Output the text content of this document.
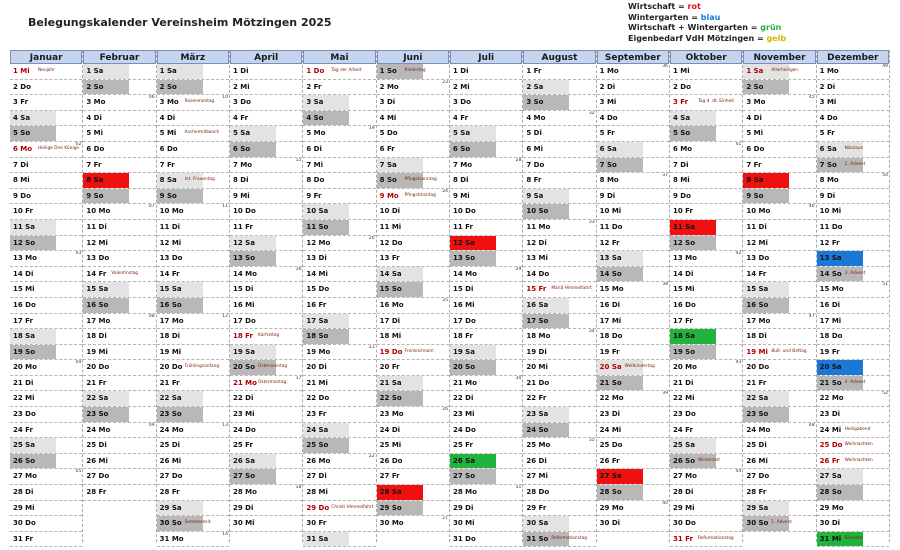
Belegungskalender Vereinsheim Mötzingen 2025
Wirtschaft = rot
Wintergarten = blau
Wirtschaft + Wintergarten = grün
Eigenbedarf VdH Mötzingen = gelb
Januar
1 Mi Neujahr
2 Do
3 Fr
4 Sa
5 So
6 Mo Heilige Drei Könige
02
7 Di
8 Mi
9 Do
10 Fr
11 Sa
12 So
13 Mo
03
14 Di
15 Mi
16 Do
17 Fr
18 Sa
19 So
20 Mo
04
21 Di
22 Mi
23 Do
24 Fr
25 Sa
26 So
27 Mo
05
28 Di
29 Mi
30 Do
31 Fr
Februar
1 Sa
2 So
3 Mo
06
4 Di
5 Mi
6 Do
7 Fr
8 Sa
9 So
10 Mo
07
11 Di
12 Mi
13 Do
14 Fr Valentinstag
15 Sa
16 So
17 Mo
08
18 Di
19 Mi
20 Do
21 Fr
22 Sa
23 So
24 Mo
09
25 Di
26 Mi
27 Do
28 Fr
März
1 Sa
2 So
3 Mo Rosenmontag
10
4 Di
5 Mi Aschermittwoch
6 Do
7 Fr
8 Sa Int. Frauentag
9 So
10 Mo
11
11 Di
12 Mi
13 Do
14 Fr
15 Sa
16 So
17 Mo
12
18 Di
19 Mi
20 Do Frühlingsanfang
21 Fr
22 Sa
23 So
24 Mo
13
25 Di
26 Mi
27 Do
28 Fr
29 Sa
30 So Sommerzeit
31 Mo
14
April
1 Di
2 Mi
3 Do
4 Fr
5 Sa
6 So
7 Mo
15
8 Di
9 Mi
10 Do
11 Fr
12 Sa
13 So
14 Mo
16
15 Di
16 Mi
17 Do
18 Fr Karfreitag
19 Sa
20 So Ostersonntag
21 Mo Ostermontag
17
22 Di
23 Mi
24 Do
25 Fr
26 Sa
27 So
28 Mo
18
29 Di
30 Mi
Mai
1 Do Tag der Arbeit
2 Fr
3 Sa
4 So
5 Mo
19
6 Di
7 Mi
8 Do
9 Fr
10 Sa
11 So
12 Mo
20
13 Di
14 Mi
15 Do
16 Fr
17 Sa
18 So
19 Mo
21
20 Di
21 Mi
22 Do
23 Fr
24 Sa
25 So
26 Mo
22
27 Di
28 Mi
29 Do Christi Himmelfahrt
30 Fr
31 Sa
Juni
1 So Kindertag
2 Mo
23
3 Di
4 Mi
5 Do
6 Fr
7 Sa
8 So Pfingstsonntag
9 Mo Pfingstmontag
24
10 Di
11 Mi
12 Do
13 Fr
14 Sa
15 So
16 Mo
25
17 Di
18 Mi
19 Do Fronleichnam
20 Fr
21 Sa
22 So
23 Mo
26
24 Di
25 Mi
26 Do
27 Fr
28 Sa
29 So
30 Mo
27
Juli
1 Di
2 Mi
3 Do
4 Fr
5 Sa
6 So
7 Mo
28
8 Di
9 Mi
10 Do
11 Fr
12 Sa
13 So
14 Mo
29
15 Di
16 Mi
17 Do
18 Fr
19 Sa
20 So
21 Mo
30
22 Di
23 Mi
24 Do
25 Fr
26 Sa
27 So
28 Mo
31
29 Di
30 Mi
31 Do
August
1 Fr
2 Sa
3 So
4 Mo
32
5 Di
6 Mi
7 Do
8 Fr
9 Sa
10 So
11 Mo
33
12 Di
13 Mi
14 Do
15 Fr Mariä Himmelfahrt
16 Sa
17 So
18 Mo
34
19 Di
20 Mi
21 Do
22 Fr
23 Sa
24 So
25 Mo
35
26 Di
27 Mi
28 Do
29 Fr
30 Sa
31 So Reformationstag
September
1 Mo
36
2 Di
3 Mi
4 Do
5 Fr
6 Sa
7 So
8 Mo
37
9 Di
10 Mi
11 Do
12 Fr
13 Sa
14 So
15 Mo
38
16 Di
17 Mi
18 Do
19 Fr
20 Sa Weltkindertag
21 So
22 Mo
39
23 Di
24 Mi
25 Do
26 Fr
27 Sa
28 So
29 Mo
40
30 Di
Oktober
1 Mi
2 Do
3 Fr Tag d. dt. Einheit
4 Sa
5 So
6 Mo
41
7 Di
8 Mi
9 Do
10 Fr
11 Sa
12 So
13 Mo
42
14 Di
15 Mi
16 Do
17 Fr
18 Sa
19 So
20 Mo
43
21 Di
22 Mi
23 Do
24 Fr
25 Sa
26 So Winterzeit
27 Mo
44
28 Di
29 Mi
30 Do
31 Fr Reformationstag
November
1 Sa Allerheiligen
2 So
3 Mo
45
4 Di
5 Mi
6 Do
7 Fr
8 Sa
9 So
10 Mo
46
11 Di
12 Mi
13 Do
14 Fr
15 Sa
16 So
17 Mo
47
18 Di
19 Mi Buß- und Bettag
20 Do
21 Fr
22 Sa
23 So
24 Mo
48
25 Di
26 Mi
27 Do
28 Fr
29 Sa
30 So 1. Advent
Dezember
1 Mo
49
2 Di
3 Mi
4 Do
5 Fr
6 Sa Nikolaus
7 So 2. Advent
8 Mo
50
9 Di
10 Mi
11 Do
12 Fr
13 Sa
14 So 3. Advent
15 Mo
51
16 Di
17 Mi
18 Do
19 Fr
20 Sa
21 So 4. Advent
22 Mo
52
23 Di
24 Mi Heiligabend
25 Do Weihnachten
26 Fr Weihnachten
27 Sa
28 So
29 Mo
30 Di
31 Mi Silvester
